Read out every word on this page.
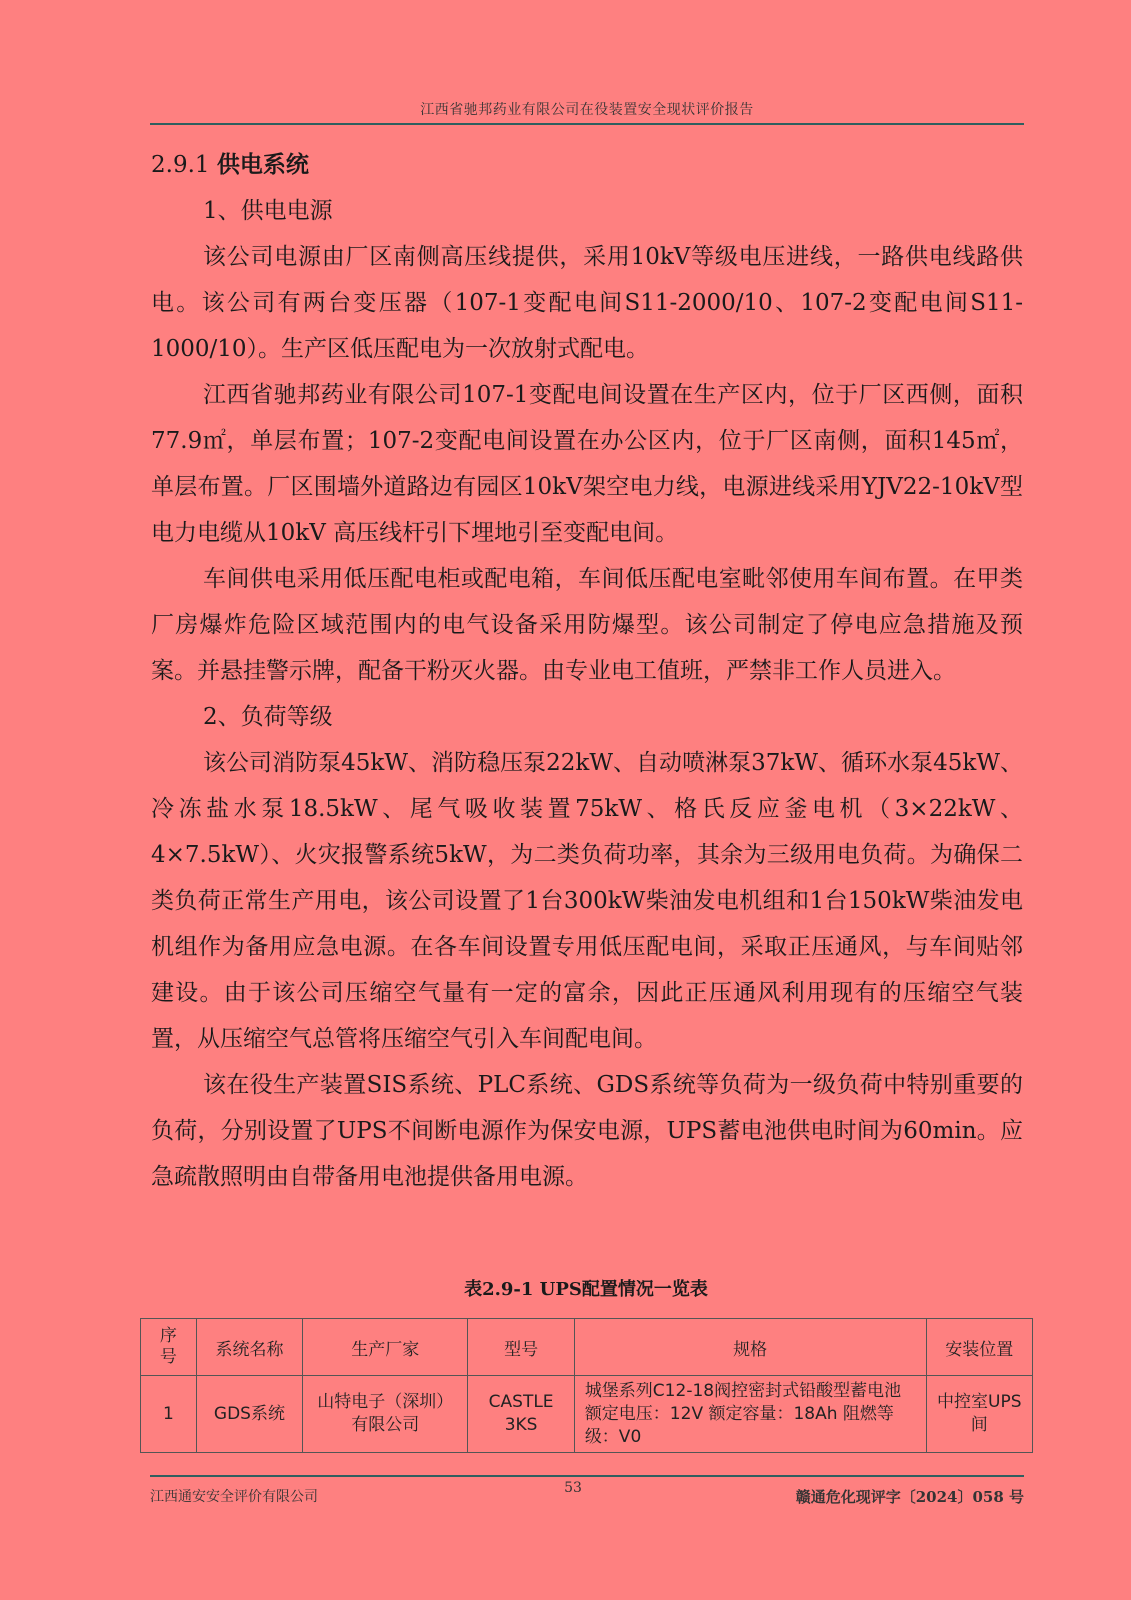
江西省驰邦药业有限公司在役装置安全现状评价报告
2.9.1 供电系统
1、供电电源

该公司电源由厂区南侧高压线提供，采用10kV等级电压进线，一路供电线路供电。该公司有两台变压器（107-1变配电间S11-2000/10、107-2变配电间S11-1000/10）。生产区低压配电为一次放射式配电。

江西省驰邦药业有限公司107-1变配电间设置在生产区内，位于厂区西侧，面积77.9㎡，单层布置；107-2变配电间设置在办公区内，位于厂区南侧，面积145㎡，单层布置。厂区围墙外道路边有园区10kV架空电力线，电源进线采用YJV22-10kV型电力电缆从10kV 高压线杆引下埋地引至变配电间。

车间供电采用低压配电柜或配电箱，车间低压配电室毗邻使用车间布置。在甲类厂房爆炸危险区域范围内的电气设备采用防爆型。该公司制定了停电应急措施及预案。并悬挂警示牌，配备干粉灭火器。由专业电工值班，严禁非工作人员进入。

2、负荷等级

该公司消防泵45kW、消防稳压泵22kW、自动喷淋泵37kW、循环水泵45kW、冷冻盐水泵18.5kW、尾气吸收装置75kW、格氏反应釜电机（3×22kW、4×7.5kW）、火灾报警系统5kW，为二类负荷功率，其余为三级用电负荷。为确保二类负荷正常生产用电，该公司设置了1台300kW柴油发电机组和1台150kW柴油发电机组作为备用应急电源。在各车间设置专用低压配电间，采取正压通风，与车间贴邻建设。由于该公司压缩空气量有一定的富余，因此正压通风利用现有的压缩空气装置，从压缩空气总管将压缩空气引入车间配电间。

该在役生产装置SIS系统、PLC系统、GDS系统等负荷为一级负荷中特别重要的负荷，分别设置了UPS不间断电源作为保安电源，UPS蓄电池供电时间为60min。应急疏散照明由自带备用电池提供备用电源。

表2.9-1 UPS配置情况一览表
序号	系统名称	生产厂家	型号	规格	安装位置
1	GDS系统	山特电子（深圳）有限公司	CASTLE 3KS	城堡系列C12-18阀控密封式铅酸型蓄电池 额定电压：12V 额定容量：18Ah 阻燃等级：V0	中控室UPS间
江西通安安全评价有限公司
53	赣通危化现评字〔2024〕058 号
